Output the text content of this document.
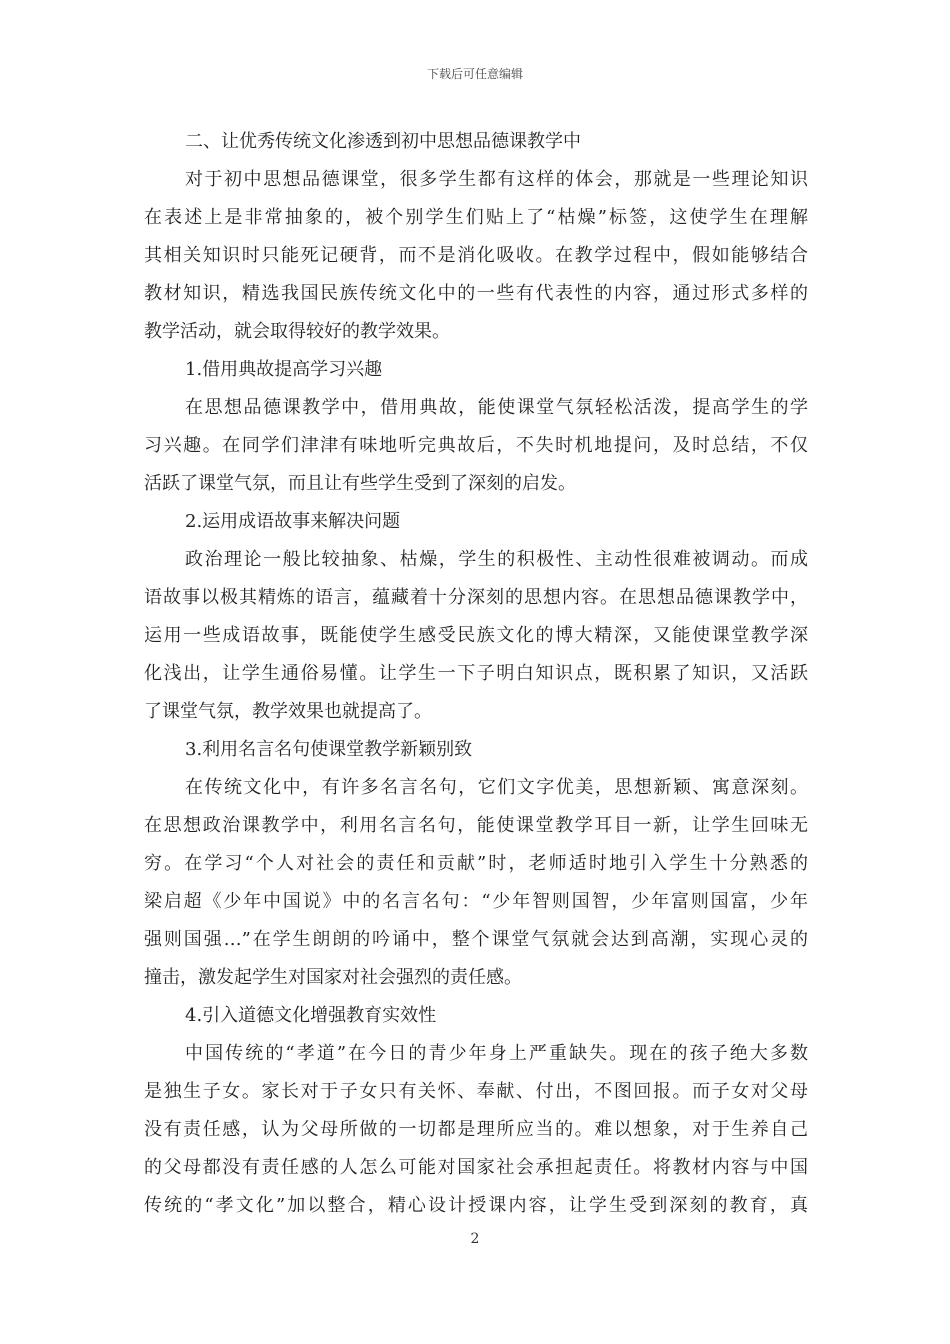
下载后可任意编辑
二、让优秀传统文化渗透到初中思想品德课教学中
对于初中思想品德课堂，很多学生都有这样的体会，那就是一些理论知识
在表述上是非常抽象的，被个别学生们贴上了“枯燥”标签，这使学生在理解
其相关知识时只能死记硬背，而不是消化吸收。在教学过程中，假如能够结合
教材知识，精选我国民族传统文化中的一些有代表性的内容，通过形式多样的
教学活动，就会取得较好的教学效果。
1.借用典故提高学习兴趣
在思想品德课教学中，借用典故，能使课堂气氛轻松活泼，提高学生的学
习兴趣。在同学们津津有味地听完典故后，不失时机地提问，及时总结，不仅
活跃了课堂气氛，而且让有些学生受到了深刻的启发。
2.运用成语故事来解决问题
政治理论一般比较抽象、枯燥，学生的积极性、主动性很难被调动。而成
语故事以极其精炼的语言，蕴藏着十分深刻的思想内容。在思想品德课教学中，
运用一些成语故事，既能使学生感受民族文化的博大精深，又能使课堂教学深
化浅出，让学生通俗易懂。让学生一下子明白知识点，既积累了知识，又活跃
了课堂气氛，教学效果也就提高了。
3.利用名言名句使课堂教学新颖别致
在传统文化中，有许多名言名句，它们文字优美，思想新颖、寓意深刻。
在思想政治课教学中，利用名言名句，能使课堂教学耳目一新，让学生回味无
穷。在学习“个人对社会的责任和贡献”时，老师适时地引入学生十分熟悉的
梁启超《少年中国说》中的名言名句：“少年智则国智，少年富则国富，少年
强则国强…”在学生朗朗的吟诵中，整个课堂气氛就会达到高潮，实现心灵的
撞击，激发起学生对国家对社会强烈的责任感。
4.引入道德文化增强教育实效性
中国传统的“孝道”在今日的青少年身上严重缺失。现在的孩子绝大多数
是独生子女。家长对于子女只有关怀、奉献、付出，不图回报。而子女对父母
没有责任感，认为父母所做的一切都是理所应当的。难以想象，对于生养自己
的父母都没有责任感的人怎么可能对国家社会承担起责任。将教材内容与中国
传统的“孝文化”加以整合，精心设计授课内容，让学生受到深刻的教育，真
2
